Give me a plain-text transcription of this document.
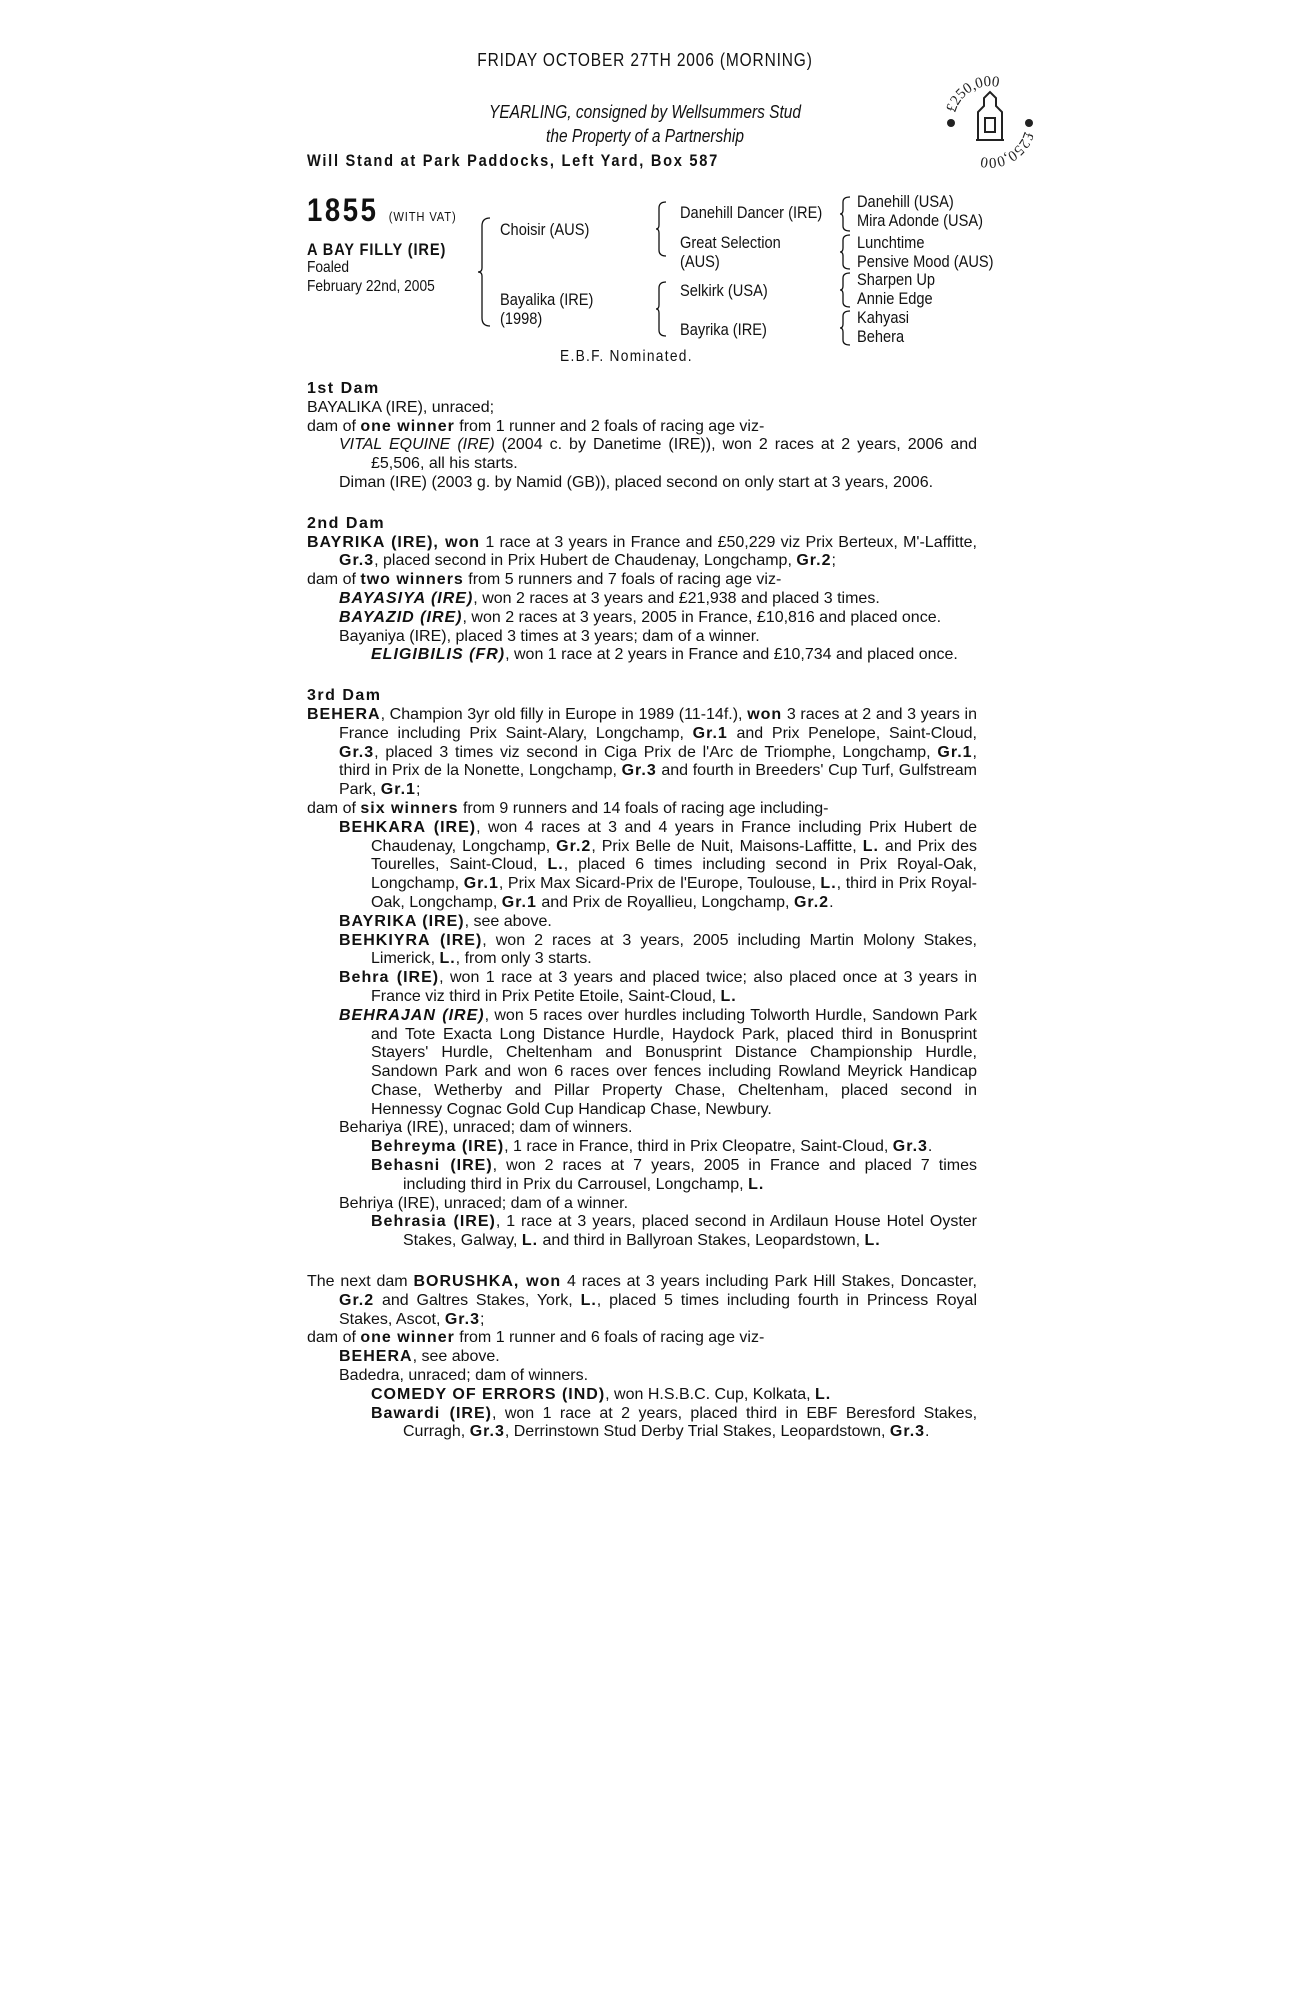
FRIDAY OCTOBER 27TH 2006 (MORNING)
YEARLING, consigned by Wellsummers Stud
the Property of a Partnership
Will Stand at Park Paddocks, Left Yard, Box 587
£250,000
£250,000
1855 (WITH VAT)
A BAY FILLY (IRE)
Foaled
February 22nd, 2005
Choisir (AUS)
Bayalika (IRE)
(1998)
Danehill Dancer (IRE)
Great Selection
(AUS)
Selkirk (USA)
Bayrika (IRE)
Danehill (USA)
Mira Adonde (USA)
Lunchtime
Pensive Mood (AUS)
Sharpen Up
Annie Edge
Kahyasi
Behera
E.B.F. Nominated.

1st Dam

BAYALIKA (IRE), unraced;

dam of one winner from 1 runner and 2 foals of racing age viz-

VITAL EQUINE (IRE) (2004 c. by Danetime (IRE)), won 2 races at 2 years, 2006 and £5,506, all his starts.

Diman (IRE) (2003 g. by Namid (GB)), placed second on only start at 3 years, 2006.

2nd Dam

BAYRIKA (IRE), won 1 race at 3 years in France and £50,229 viz Prix Berteux, M'-Laffitte, Gr.3, placed second in Prix Hubert de Chaudenay, Longchamp, Gr.2;

dam of two winners from 5 runners and 7 foals of racing age viz-

BAYASIYA (IRE), won 2 races at 3 years and £21,938 and placed 3 times.

BAYAZID (IRE), won 2 races at 3 years, 2005 in France, £10,816 and placed once.

Bayaniya (IRE), placed 3 times at 3 years; dam of a winner.

ELIGIBILIS (FR), won 1 race at 2 years in France and £10,734 and placed once.

3rd Dam

BEHERA, Champion 3yr old filly in Europe in 1989 (11-14f.), won 3 races at 2 and 3 years in France including Prix Saint-Alary, Longchamp, Gr.1 and Prix Penelope, Saint-Cloud, Gr.3, placed 3 times viz second in Ciga Prix de l'Arc de Triomphe, Longchamp, Gr.1, third in Prix de la Nonette, Longchamp, Gr.3 and fourth in Breeders' Cup Turf, Gulfstream Park, Gr.1;

dam of six winners from 9 runners and 14 foals of racing age including-

BEHKARA (IRE), won 4 races at 3 and 4 years in France including Prix Hubert de Chaudenay, Longchamp, Gr.2, Prix Belle de Nuit, Maisons-Laffitte, L. and Prix des Tourelles, Saint-Cloud, L., placed 6 times including second in Prix Royal-Oak, Longchamp, Gr.1, Prix Max Sicard-Prix de l'Europe, Toulouse, L., third in Prix Royal-Oak, Longchamp, Gr.1 and Prix de Royallieu, Longchamp, Gr.2.

BAYRIKA (IRE), see above.

BEHKIYRA (IRE), won 2 races at 3 years, 2005 including Martin Molony Stakes, Limerick, L., from only 3 starts.

Behra (IRE), won 1 race at 3 years and placed twice; also placed once at 3 years in France viz third in Prix Petite Etoile, Saint-Cloud, L.

BEHRAJAN (IRE), won 5 races over hurdles including Tolworth Hurdle, Sandown Park and Tote Exacta Long Distance Hurdle, Haydock Park, placed third in Bonusprint Stayers' Hurdle, Cheltenham and Bonusprint Distance Championship Hurdle, Sandown Park and won 6 races over fences including Rowland Meyrick Handicap Chase, Wetherby and Pillar Property Chase, Cheltenham, placed second in Hennessy Cognac Gold Cup Handicap Chase, Newbury.

Behariya (IRE), unraced; dam of winners.

Behreyma (IRE), 1 race in France, third in Prix Cleopatre, Saint-Cloud, Gr.3.

Behasni (IRE), won 2 races at 7 years, 2005 in France and placed 7 times including third in Prix du Carrousel, Longchamp, L.

Behriya (IRE), unraced; dam of a winner.

Behrasia (IRE), 1 race at 3 years, placed second in Ardilaun House Hotel Oyster Stakes, Galway, L. and third in Ballyroan Stakes, Leopardstown, L.

The next dam BORUSHKA, won 4 races at 3 years including Park Hill Stakes, Doncaster, Gr.2 and Galtres Stakes, York, L., placed 5 times including fourth in Princess Royal Stakes, Ascot, Gr.3;

dam of one winner from 1 runner and 6 foals of racing age viz-

BEHERA, see above.

Badedra, unraced; dam of winners.

COMEDY OF ERRORS (IND), won H.S.B.C. Cup, Kolkata, L.

Bawardi (IRE), won 1 race at 2 years, placed third in EBF Beresford Stakes, Curragh, Gr.3, Derrinstown Stud Derby Trial Stakes, Leopardstown, Gr.3.
